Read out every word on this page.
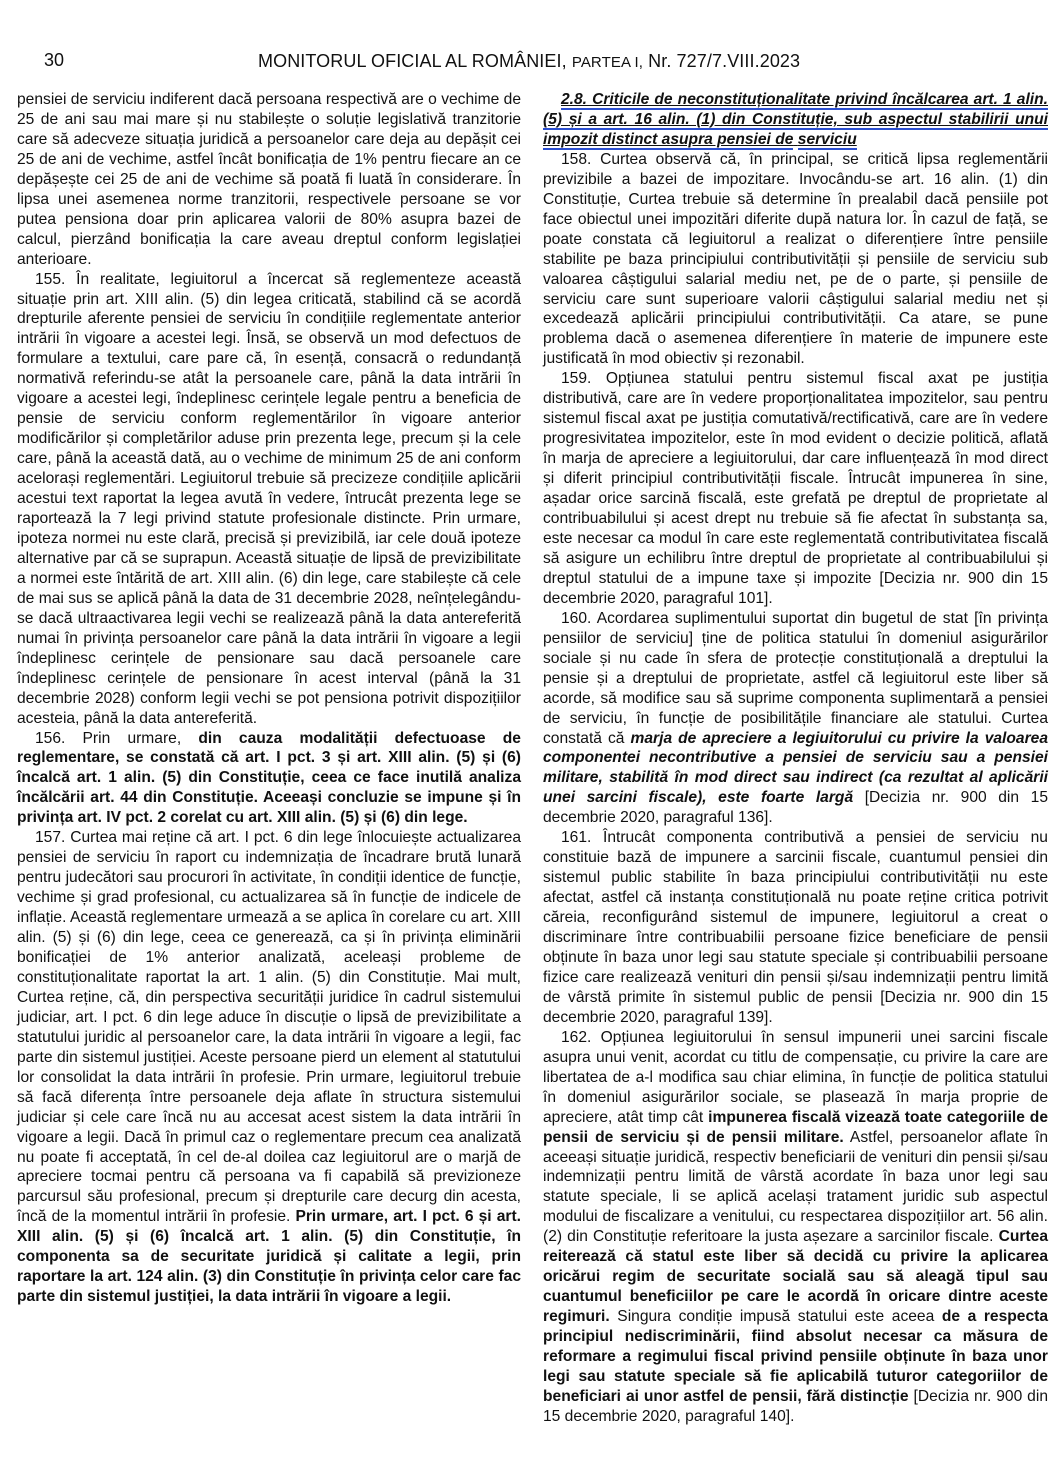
30	MONITORUL OFICIAL AL ROMÂNIEI, PARTEA I, Nr. 727/7.VIII.2023

pensiei de serviciu indiferent dacă persoana respectivă are o vechime de 25 de ani sau mai mare și nu stabilește o soluție legislativă tranzitorie care să adecveze situația juridică a persoanelor care deja au depășit cei 25 de ani de vechime, astfel încât bonificația de 1% pentru fiecare an ce depășește cei 25 de ani de vechime să poată fi luată în considerare. În lipsa unei asemenea norme tranzitorii, respectivele persoane se vor putea pensiona doar prin aplicarea valorii de 80% asupra bazei de calcul, pierzând bonificația la care aveau dreptul conform legislației anterioare.

155. În realitate, legiuitorul a încercat să reglementeze această situație prin art. XIII alin. (5) din legea criticată, stabilind că se acordă drepturile aferente pensiei de serviciu în condițiile reglementate anterior intrării în vigoare a acestei legi. Însă, se observă un mod defectuos de formulare a textului, care pare că, în esență, consacră o redundanță normativă referindu-se atât la persoanele care, până la data intrării în vigoare a acestei legi, îndeplinesc cerințele legale pentru a beneficia de pensie de serviciu conform reglementărilor în vigoare anterior modificărilor și completărilor aduse prin prezenta lege, precum și la cele care, până la această dată, au o vechime de minimum 25 de ani conform acelorași reglementări. Legiuitorul trebuie să precizeze condițiile aplicării acestui text raportat la legea avută în vedere, întrucât prezenta lege se raportează la 7 legi privind statute profesionale distincte. Prin urmare, ipoteza normei nu este clară, precisă și previzibilă, iar cele două ipoteze alternative par că se suprapun. Această situație de lipsă de previzibilitate a normei este întărită de art. XIII alin. (6) din lege, care stabilește că cele de mai sus se aplică până la data de 31 decembrie 2028, neînțelegându-se dacă ultraactivarea legii vechi se realizează până la data antereferită numai în privința persoanelor care până la data intrării în vigoare a legii îndeplinesc cerințele de pensionare sau dacă persoanele care îndeplinesc cerințele de pensionare în acest interval (până la 31 decembrie 2028) conform legii vechi se pot pensiona potrivit dispozițiilor acesteia, până la data antereferită.

156. Prin urmare, din cauza modalității defectuoase de reglementare, se constată că art. I pct. 3 și art. XIII alin. (5) și (6) încalcă art. 1 alin. (5) din Constituție, ceea ce face inutilă analiza încălcării art. 44 din Constituție. Aceeași concluzie se impune și în privința art. IV pct. 2 corelat cu art. XIII alin. (5) și (6) din lege.

157. Curtea mai reține că art. I pct. 6 din lege înlocuiește actualizarea pensiei de serviciu în raport cu indemnizația de încadrare brută lunară pentru judecători sau procurori în activitate, în condiții identice de funcție, vechime și grad profesional, cu actualizarea să în funcție de indicele de inflație. Această reglementare urmează a se aplica în corelare cu art. XIII alin. (5) și (6) din lege, ceea ce generează, ca și în privința eliminării bonificației de 1% anterior analizată, aceleași probleme de constituționalitate raportat la art. 1 alin. (5) din Constituție. Mai mult, Curtea reține, că, din perspectiva securității juridice în cadrul sistemului judiciar, art. I pct. 6 din lege aduce în discuție o lipsă de previzibilitate a statutului juridic al persoanelor care, la data intrării în vigoare a legii, fac parte din sistemul justiției. Aceste persoane pierd un element al statutului lor consolidat la data intrării în profesie. Prin urmare, legiuitorul trebuie să facă diferența între persoanele deja aflate în structura sistemului judiciar și cele care încă nu au accesat acest sistem la data intrării în vigoare a legii. Dacă în primul caz o reglementare precum cea analizată nu poate fi acceptată, în cel de-al doilea caz legiuitorul are o marjă de apreciere tocmai pentru că persoana va fi capabilă să previzioneze parcursul său profesional, precum și drepturile care decurg din acesta, încă de la momentul intrării în profesie. Prin urmare, art. I pct. 6 și art. XIII alin. (5) și (6) încalcă art. 1 alin. (5) din Constituție, în componenta sa de securitate juridică și calitate a legii, prin raportare la art. 124 alin. (3) din Constituție în privința celor care fac parte din sistemul justiției, la data intrării în vigoare a legii.

2.8. Criticile de neconstituționalitate privind încălcarea art. 1 alin. (5) și a art. 16 alin. (1) din Constituție, sub aspectul stabilirii unui impozit distinct asupra pensiei de serviciu

158. Curtea observă că, în principal, se critică lipsa reglementării previzibile a bazei de impozitare. Invocându-se art. 16 alin. (1) din Constituție, Curtea trebuie să determine în prealabil dacă pensiile pot face obiectul unei impozitări diferite după natura lor. În cazul de față, se poate constata că legiuitorul a realizat o diferențiere între pensiile stabilite pe baza principiului contributivității și pensiile de serviciu sub valoarea câștigului salarial mediu net, pe de o parte, și pensiile de serviciu care sunt superioare valorii câștigului salarial mediu net și excedează aplicării principiului contributivității. Ca atare, se pune problema dacă o asemenea diferențiere în materie de impunere este justificată în mod obiectiv și rezonabil.

159. Opțiunea statului pentru sistemul fiscal axat pe justiția distributivă, care are în vedere proporționalitatea impozitelor, sau pentru sistemul fiscal axat pe justiția comutativă/rectificativă, care are în vedere progresivitatea impozitelor, este în mod evident o decizie politică, aflată în marja de apreciere a legiuitorului, dar care influențează în mod direct și diferit principiul contributivității fiscale. Întrucât impunerea în sine, așadar orice sarcină fiscală, este grefată pe dreptul de proprietate al contribuabilului și acest drept nu trebuie să fie afectat în substanța sa, este necesar ca modul în care este reglementată contributivitatea fiscală să asigure un echilibru între dreptul de proprietate al contribuabilului și dreptul statului de a impune taxe și impozite [Decizia nr. 900 din 15 decembrie 2020, paragraful 101].

160. Acordarea suplimentului suportat din bugetul de stat [în privința pensiilor de serviciu] ține de politica statului în domeniul asigurărilor sociale și nu cade în sfera de protecție constituțională a dreptului la pensie și a dreptului de proprietate, astfel că legiuitorul este liber să acorde, să modifice sau să suprime componenta suplimentară a pensiei de serviciu, în funcție de posibilitățile financiare ale statului. Curtea constată că marja de apreciere a legiuitorului cu privire la valoarea componentei necontributive a pensiei de serviciu sau a pensiei militare, stabilită în mod direct sau indirect (ca rezultat al aplicării unei sarcini fiscale), este foarte largă [Decizia nr. 900 din 15 decembrie 2020, paragraful 136].

161. Întrucât componenta contributivă a pensiei de serviciu nu constituie bază de impunere a sarcinii fiscale, cuantumul pensiei din sistemul public stabilite în baza principiului contributivității nu este afectat, astfel că instanța constituțională nu poate reține critica potrivit căreia, reconfigurând sistemul de impunere, legiuitorul a creat o discriminare între contribuabilii persoane fizice beneficiare de pensii obținute în baza unor legi sau statute speciale și contribuabilii persoane fizice care realizează venituri din pensii și/sau indemnizații pentru limită de vârstă primite în sistemul public de pensii [Decizia nr. 900 din 15 decembrie 2020, paragraful 139].

162. Opțiunea legiuitorului în sensul impunerii unei sarcini fiscale asupra unui venit, acordat cu titlu de compensație, cu privire la care are libertatea de a-l modifica sau chiar elimina, în funcție de politica statului în domeniul asigurărilor sociale, se plasează în marja proprie de apreciere, atât timp cât impunerea fiscală vizează toate categoriile de pensii de serviciu și de pensii militare. Astfel, persoanelor aflate în aceeași situație juridică, respectiv beneficiarii de venituri din pensii și/sau indemnizații pentru limită de vârstă acordate în baza unor legi sau statute speciale, li se aplică același tratament juridic sub aspectul modului de fiscalizare a venitului, cu respectarea dispozițiilor art. 56 alin. (2) din Constituție referitoare la justa așezare a sarcinilor fiscale. Curtea reiterează că statul este liber să decidă cu privire la aplicarea oricărui regim de securitate socială sau să aleagă tipul sau cuantumul beneficiilor pe care le acordă în oricare dintre aceste regimuri. Singura condiție impusă statului este aceea de a respecta principiul nediscriminării, fiind absolut necesar ca măsura de reformare a regimului fiscal privind pensiile obținute în baza unor legi sau statute speciale să fie aplicabilă tuturor categoriilor de beneficiari ai unor astfel de pensii, fără distincție [Decizia nr. 900 din 15 decembrie 2020, paragraful 140].
